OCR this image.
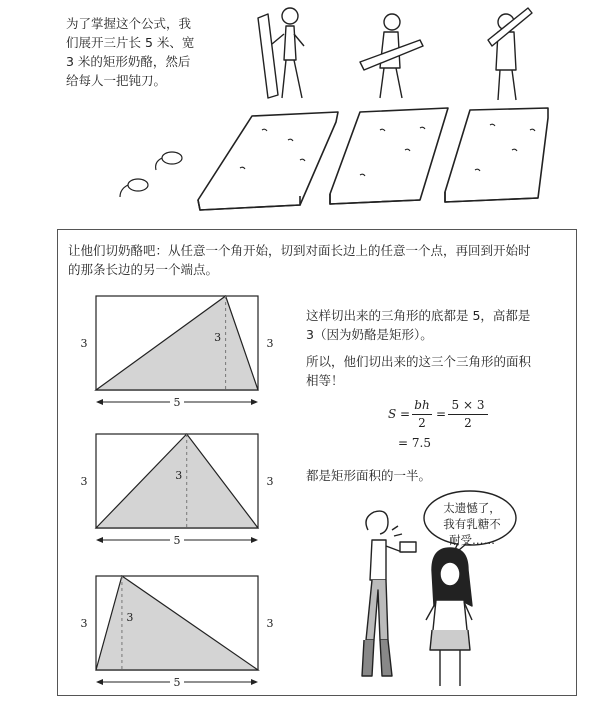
为了掌握这个公式，我
们展开三片长 5 米、宽
3 米的矩形奶酪，然后
给每人一把钝刀。
让他们切奶酪吧：从任意一个角开始，切到对面长边上的任意一个点，再回到开始时
的那条长边的另一个端点。
5
3	3
3
5
3	3
3
5
3	3
3
这样切出来的三角形的底都是 5，高都是
3（因为奶酪是矩形）。
所以，他们切出来的这三个三角形的面积
相等！
S =
bh
2
=
5 × 3
2
= 7.5
都是矩形面积的一半。
太遗憾了，
我有乳糖不
耐受……
